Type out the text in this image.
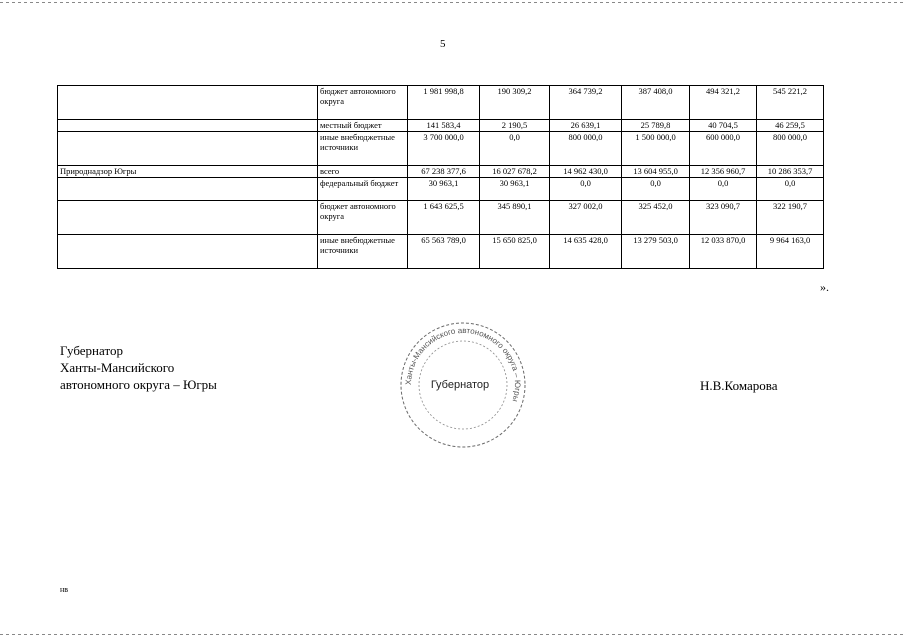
5
	бюджет автономного округа	1 981 998,8	190 309,2	364 739,2	387 408,0	494 321,2	545 221,2
	местный бюджет	141 583,4	2 190,5	26 639,1	25 789,8	40 704,5	46 259,5
	иные внебюджетные источники	3 700 000,0	0,0	800 000,0	1 500 000,0	600 000,0	800 000,0
Природнадзор Югры	всего	67 238 377,6	16 027 678,2	14 962 430,0	13 604 955,0	12 356 960,7	10 286 353,7
	федеральный бюджет	30 963,1	30 963,1	0,0	0,0	0,0	0,0
	бюджет автономного округа	1 643 625,5	345 890,1	327 002,0	325 452,0	323 090,7	322 190,7
	иные внебюджетные источники	65 563 789,0	15 650 825,0	14 635 428,0	13 279 503,0	12 033 870,0	9 964 163,0
».
Губернатор
Ханты-Мансийского
автономного округа – Югры	Ханты-Мансийского автономного округа – Югры
Губернатор	Н.В.Комарова
нв
